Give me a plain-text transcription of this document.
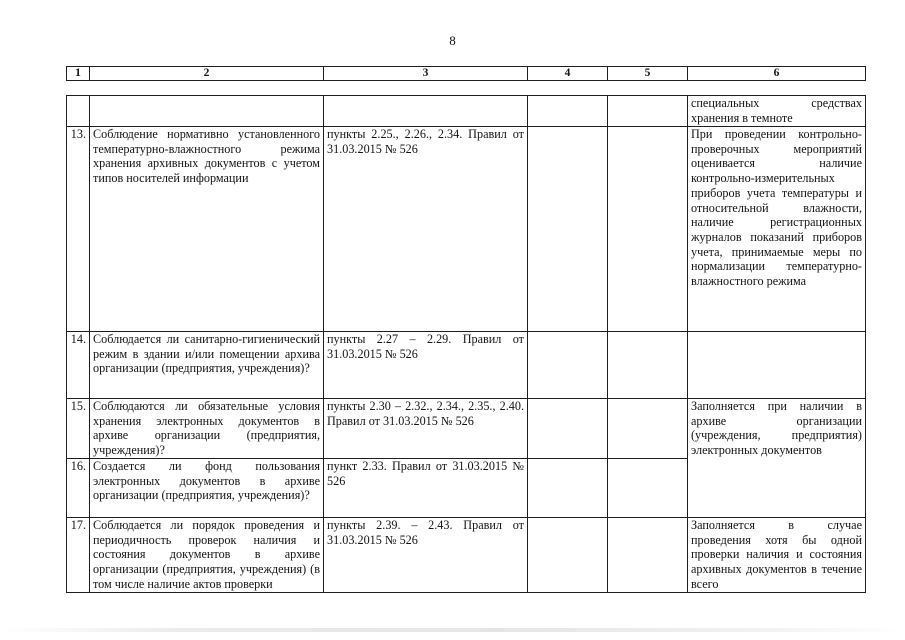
8
1	2	3	4	5	6
					специальных средствах хранения в темноте
13.	Соблюдение нормативно установленного температурно-влажностного режима хранения архивных документов с учетом типов носителей информации	пункты 2.25., 2.26., 2.34. Правил от 31.03.2015 № 526			При проведении контрольно-проверочных мероприятий оценивается наличие контрольно-измерительных приборов учета температуры и относительной влажности, наличие регистрационных журналов показаний приборов учета, принимаемые меры по нормализации температурно-влажностного режима
14.	Соблюдается ли санитарно-гигиенический режим в здании и/или помещении архива организации (предприятия, учреждения)?	пункты 2.27 – 2.29. Правил от 31.03.2015 № 526			
15.	Соблюдаются ли обязательные условия хранения электронных документов в архиве организации (предприятия, учреждения)?	пункты 2.30 – 2.32., 2.34., 2.35., 2.40. Правил от 31.03.2015 № 526			Заполняется при наличии в архиве организации (учреждения, предприятия) электронных документов
16.	Создается ли фонд пользования электронных документов в архиве организации (предприятия, учреждения)?	пункт 2.33. Правил от 31.03.2015 № 526			
17.	Соблюдается ли порядок проведения и периодичность проверок наличия и состояния документов в архиве организации (предприятия, учреждения) (в том числе наличие актов проверки	пункты 2.39. – 2.43. Правил от 31.03.2015 № 526			Заполняется в случае проведения хотя бы одной проверки наличия и состояния архивных документов в течение всего
